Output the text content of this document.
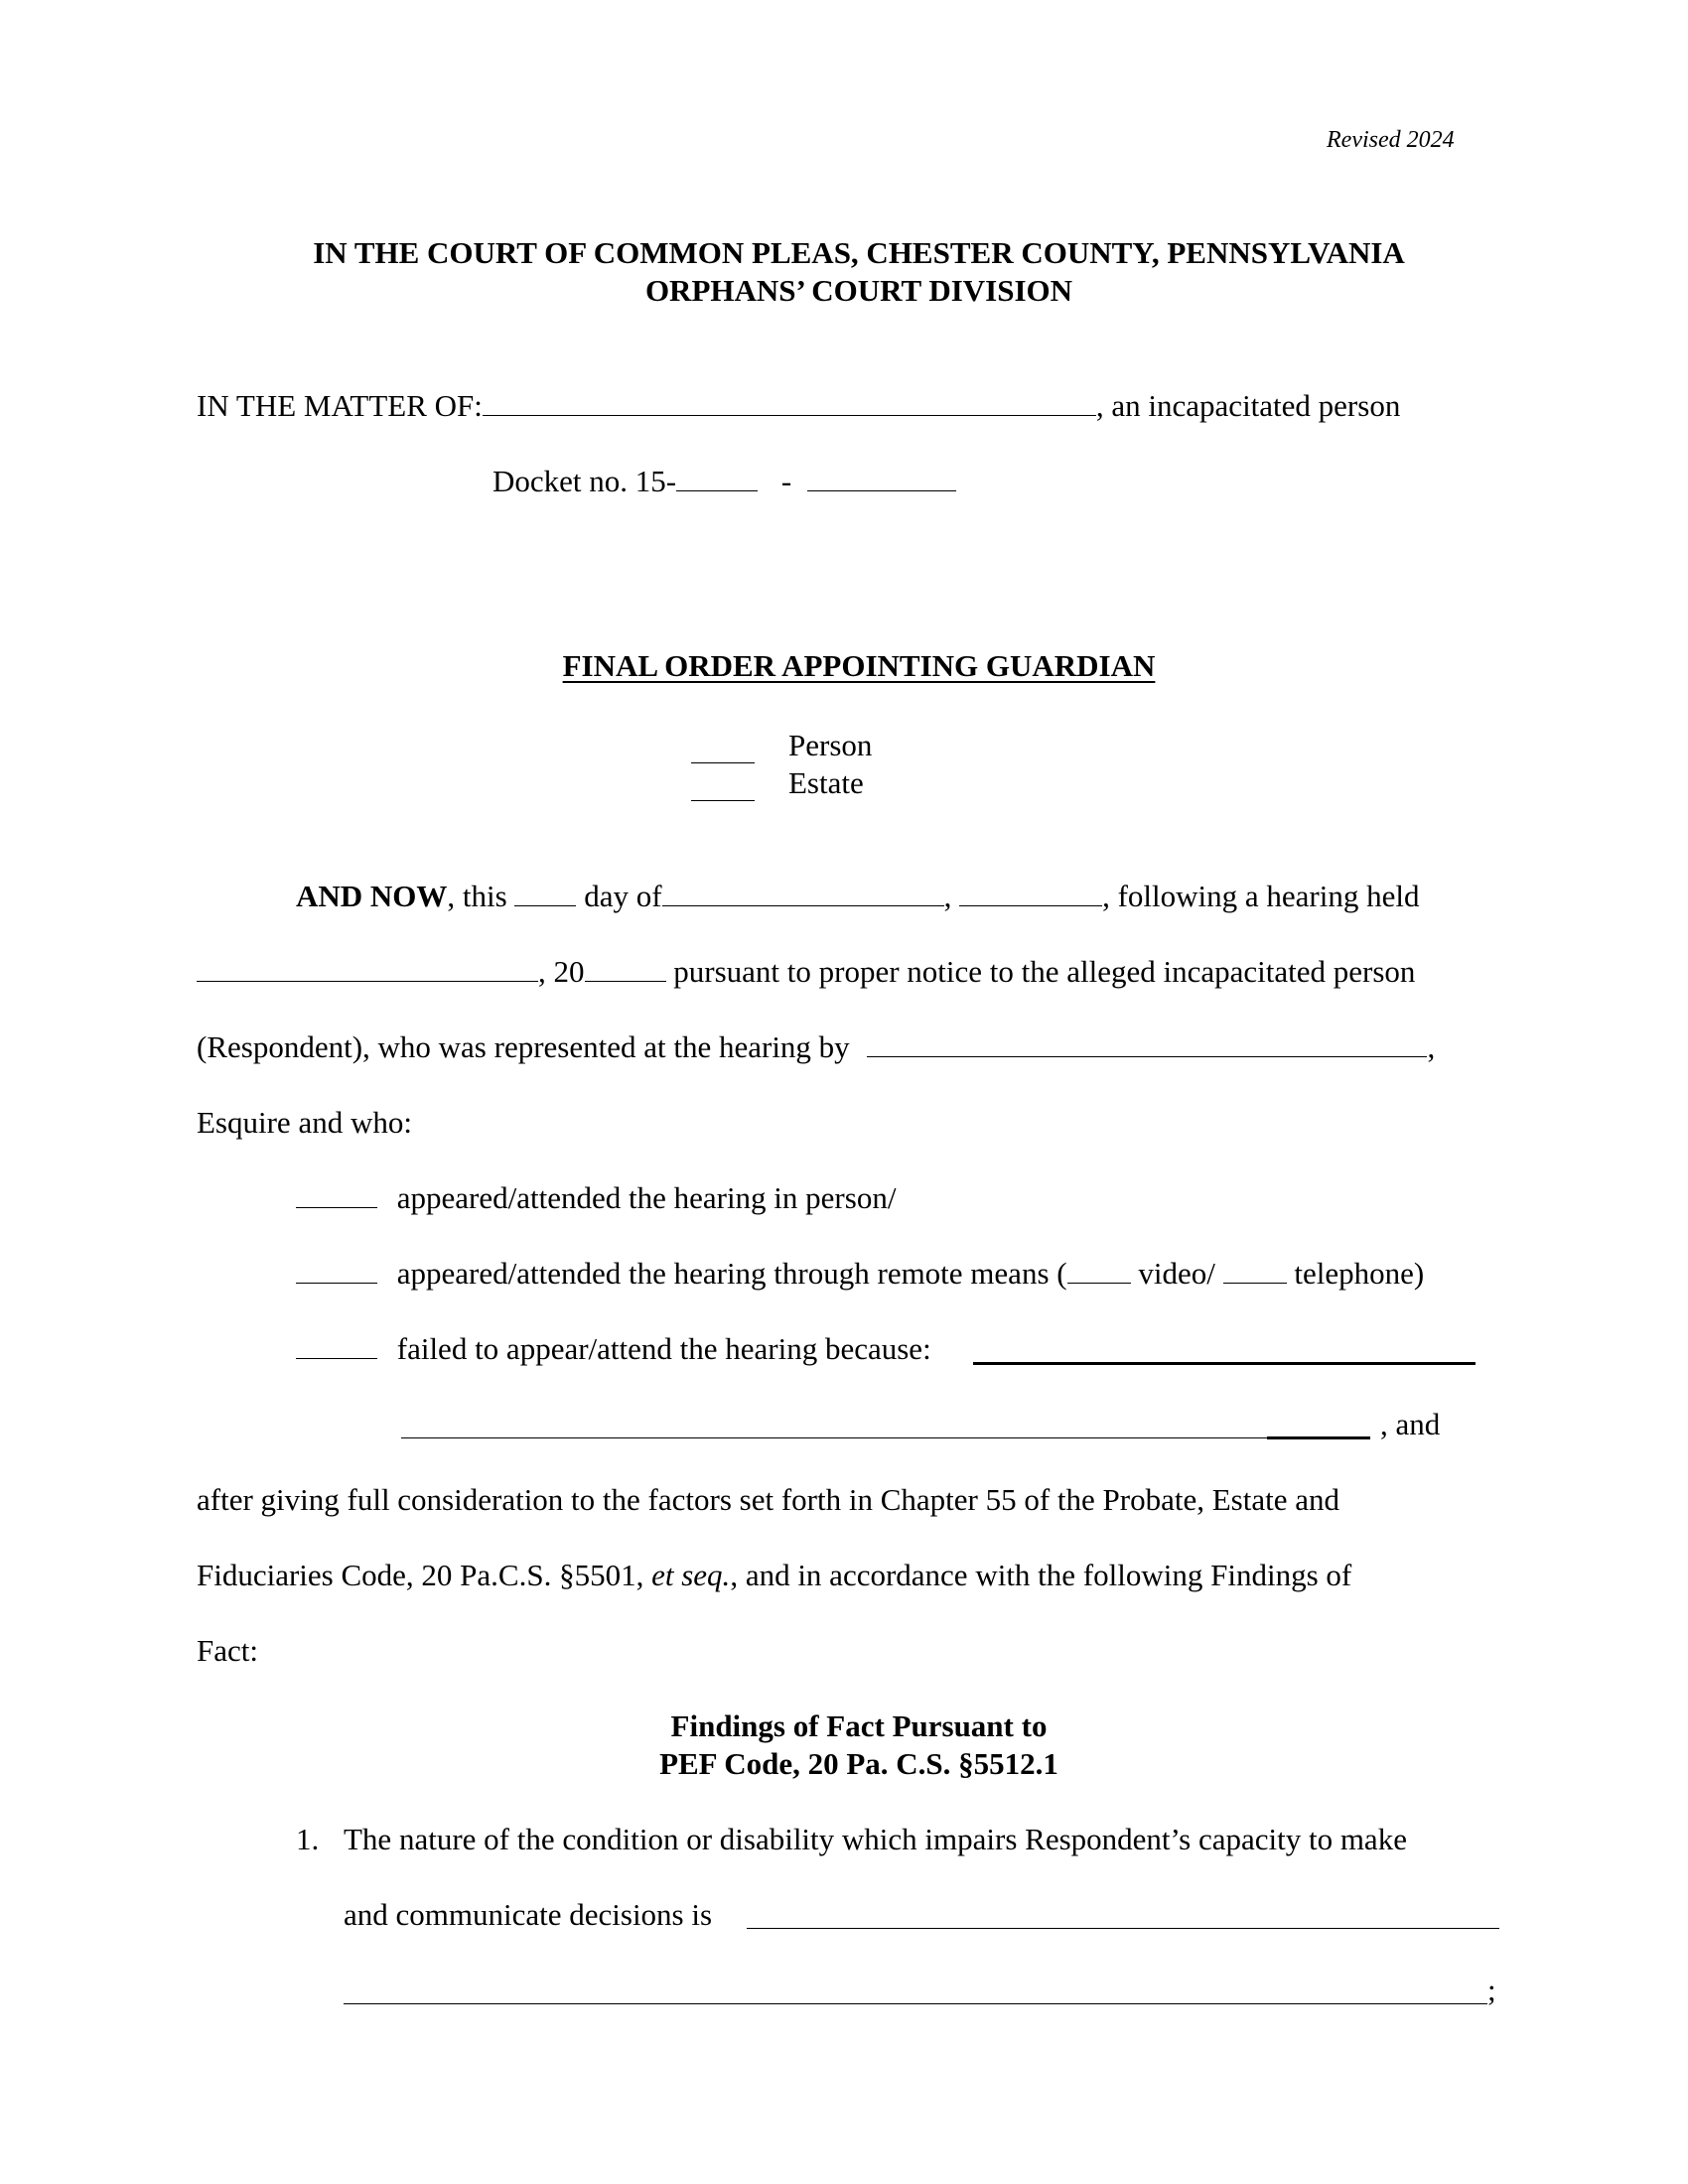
Revised 2024
IN THE COURT OF COMMON PLEAS, CHESTER COUNTY, PENNSYLVANIA
ORPHANS’ COURT DIVISION
IN THE MATTER OF:	, an incapacitated person
Docket no. 15-	-
FINAL ORDER APPOINTING GUARDIAN
Person
Estate
AND NOW, this	day of	,	, following a hearing held
, 20	pursuant to proper notice to the alleged incapacitated person
(Respondent), who was represented at the hearing by	,
Esquire and who:
appeared/attended the hearing in person/
appeared/attended the hearing through remote means ( video/	telephone)
failed to appear/attend the hearing because:
, and
after giving full consideration to the factors set forth in Chapter 55 of the Probate, Estate and
Fiduciaries Code, 20 Pa.C.S. §5501, et seq., and in accordance with the following Findings of
Fact:
Findings of Fact Pursuant to
PEF Code, 20 Pa. C.S. §5512.1
1. The nature of the condition or disability which impairs Respondent’s capacity to make
and communicate decisions is
;
